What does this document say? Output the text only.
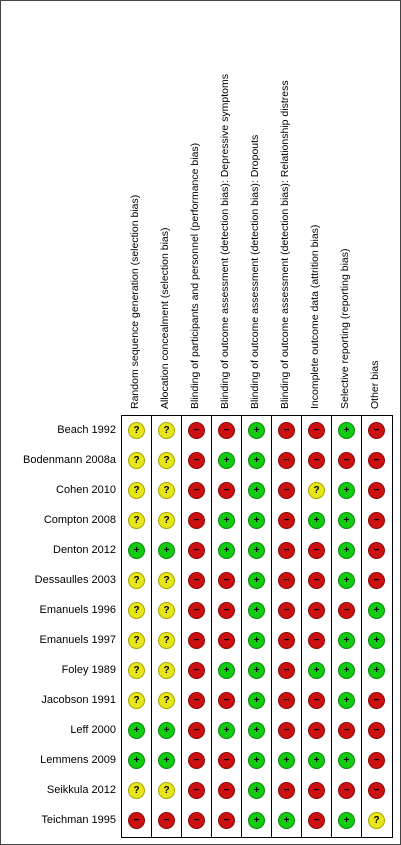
Random sequence generation (selection bias) Allocation concealment (selection bias) Blinding of participants and personnel (performance bias) Blinding of outcome assessment (detection bias): Depressive symptoms Blinding of outcome assessment (detection bias): Dropouts Blinding of outcome assessment (detection bias): Relationship distress Incomplete outcome data (attrition bias) Selective reporting (reporting bias) Other bias
Beach 1992
Bodenmann 2008a
Cohen 2010
Compton 2008
Denton 2012
Dessaulles 2003
Emanuels 1996
Emanuels 1997
Foley 1989
Jacobson 1991
Leff 2000
Lemmens 2009
Seikkula 2012
Teichman 1995
? ? − − + − − + −
? ? − + + − − − −
? ? − − + − ? + −
? ? − + + − + + −
+ + − + + − − + −
? ? − − + − − + −
? ? − − + − − − +
? ? − − + − − + +
? ? − + + − + + +
? ? − − + − − + −
+ + − + + − − − −
+ + − − + + + + −
? ? − − + − − − −
− − − − + + − + ?
